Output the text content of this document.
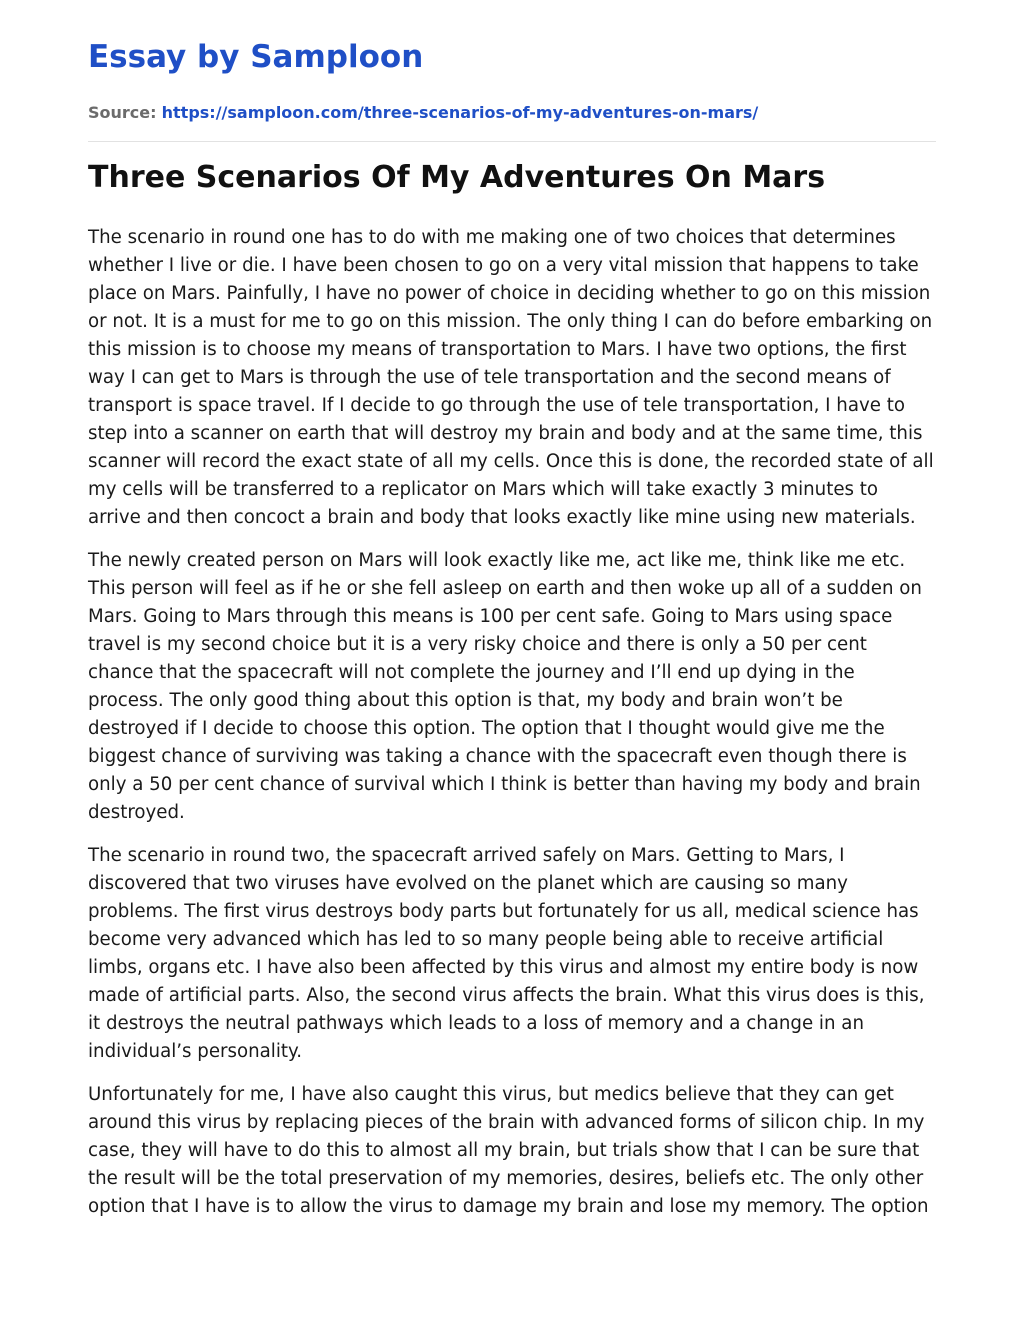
Essay by Samploon
Source: https://samploon.com/three-scenarios-of-my-adventures-on-mars/
Three Scenarios Of My Adventures On Mars

The scenario in round one has to do with me making one of two choices that determines whether I live or die. I have been chosen to go on a very vital mission that happens to take place on Mars. Painfully, I have no power of choice in deciding whether to go on this mission or not. It is a must for me to go on this mission. The only thing I can do before embarking on this mission is to choose my means of transportation to Mars. I have two options, the first way I can get to Mars is through the use of tele transportation and the second means of transport is space travel. If I decide to go through the use of tele transportation, I have to step into a scanner on earth that will destroy my brain and body and at the same time, this scanner will record the exact state of all my cells. Once this is done, the recorded state of all my cells will be transferred to a replicator on Mars which will take exactly 3 minutes to arrive and then concoct a brain and body that looks exactly like mine using new materials.

The newly created person on Mars will look exactly like me, act like me, think like me etc. This person will feel as if he or she fell asleep on earth and then woke up all of a sudden on Mars. Going to Mars through this means is 100 per cent safe. Going to Mars using space travel is my second choice but it is a very risky choice and there is only a 50 per cent chance that the spacecraft will not complete the journey and I’ll end up dying in the process. The only good thing about this option is that, my body and brain won’t be destroyed if I decide to choose this option. The option that I thought would give me the biggest chance of surviving was taking a chance with the spacecraft even though there is only a 50 per cent chance of survival which I think is better than having my body and brain destroyed.

The scenario in round two, the spacecraft arrived safely on Mars. Getting to Mars, I discovered that two viruses have evolved on the planet which are causing so many problems. The first virus destroys body parts but fortunately for us all, medical science has become very advanced which has led to so many people being able to receive artificial limbs, organs etc. I have also been affected by this virus and almost my entire body is now made of artificial parts. Also, the second virus affects the brain. What this virus does is this, it destroys the neutral pathways which leads to a loss of memory and a change in an individual’s personality.

Unfortunately for me, I have also caught this virus, but medics believe that they can get around this virus by replacing pieces of the brain with advanced forms of silicon chip. In my case, they will have to do this to almost all my brain, but trials show that I can be sure that the result will be the total preservation of my memories, desires, beliefs etc. The only other option that I have is to allow the virus to damage my brain and lose my memory. The option
